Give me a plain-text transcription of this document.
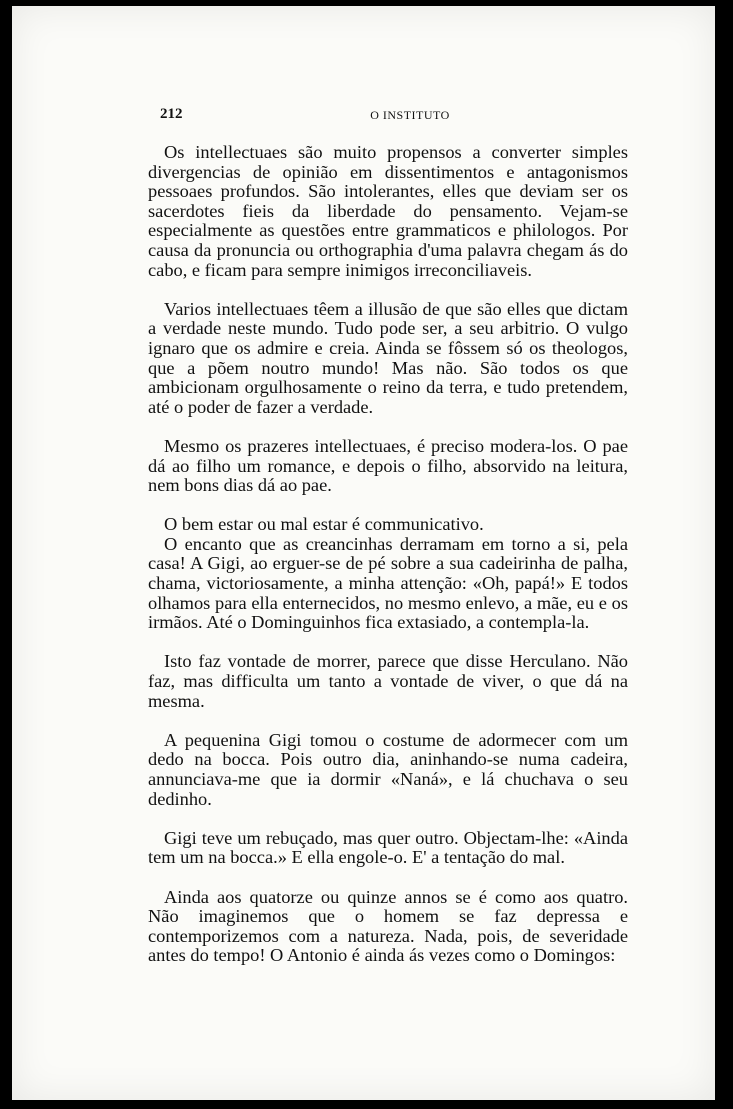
212	O INSTITUTO

Os intellectuaes são muito propensos a converter simples divergencias de opinião em dissentimentos e antagonismos pessoaes profundos. São intolerantes, elles que deviam ser os sacerdotes fieis da liberdade do pensamento. Vejam-se especialmente as questões entre grammaticos e philologos. Por causa da pronuncia ou orthographia d'uma palavra chegam ás do cabo, e ficam para sempre inimigos irreconciliaveis.

Varios intellectuaes têem a illusão de que são elles que dictam a verdade neste mundo. Tudo pode ser, a seu arbitrio. O vulgo ignaro que os admire e creia. Ainda se fôssem só os theologos, que a põem noutro mundo! Mas não. São todos os que ambicionam orgulhosamente o reino da terra, e tudo pretendem, até o poder de fazer a verdade.

Mesmo os prazeres intellectuaes, é preciso modera-los. O pae dá ao filho um romance, e depois o filho, absorvido na leitura, nem bons dias dá ao pae.

O bem estar ou mal estar é communicativo.

O encanto que as creancinhas derramam em torno a si, pela casa! A Gigi, ao erguer-se de pé sobre a sua cadeirinha de palha, chama, victoriosamente, a minha attenção: «Oh, papá!» E todos olhamos para ella enternecidos, no mesmo enlevo, a mãe, eu e os irmãos. Até o Dominguinhos fica extasiado, a contempla-la.

Isto faz vontade de morrer, parece que disse Herculano. Não faz, mas difficulta um tanto a vontade de viver, o que dá na mesma.

A pequenina Gigi tomou o costume de adormecer com um dedo na bocca. Pois outro dia, aninhando-se numa cadeira, annunciava-me que ia dormir «Naná», e lá chuchava o seu dedinho.

Gigi teve um rebuçado, mas quer outro. Objectam-lhe: «Ainda tem um na bocca.» E ella engole-o. E' a tentação do mal.

Ainda aos quatorze ou quinze annos se é como aos quatro. Não imaginemos que o homem se faz depressa e contemporizemos com a natureza. Nada, pois, de severidade antes do tempo! O Antonio é ainda ás vezes como o Domingos:
